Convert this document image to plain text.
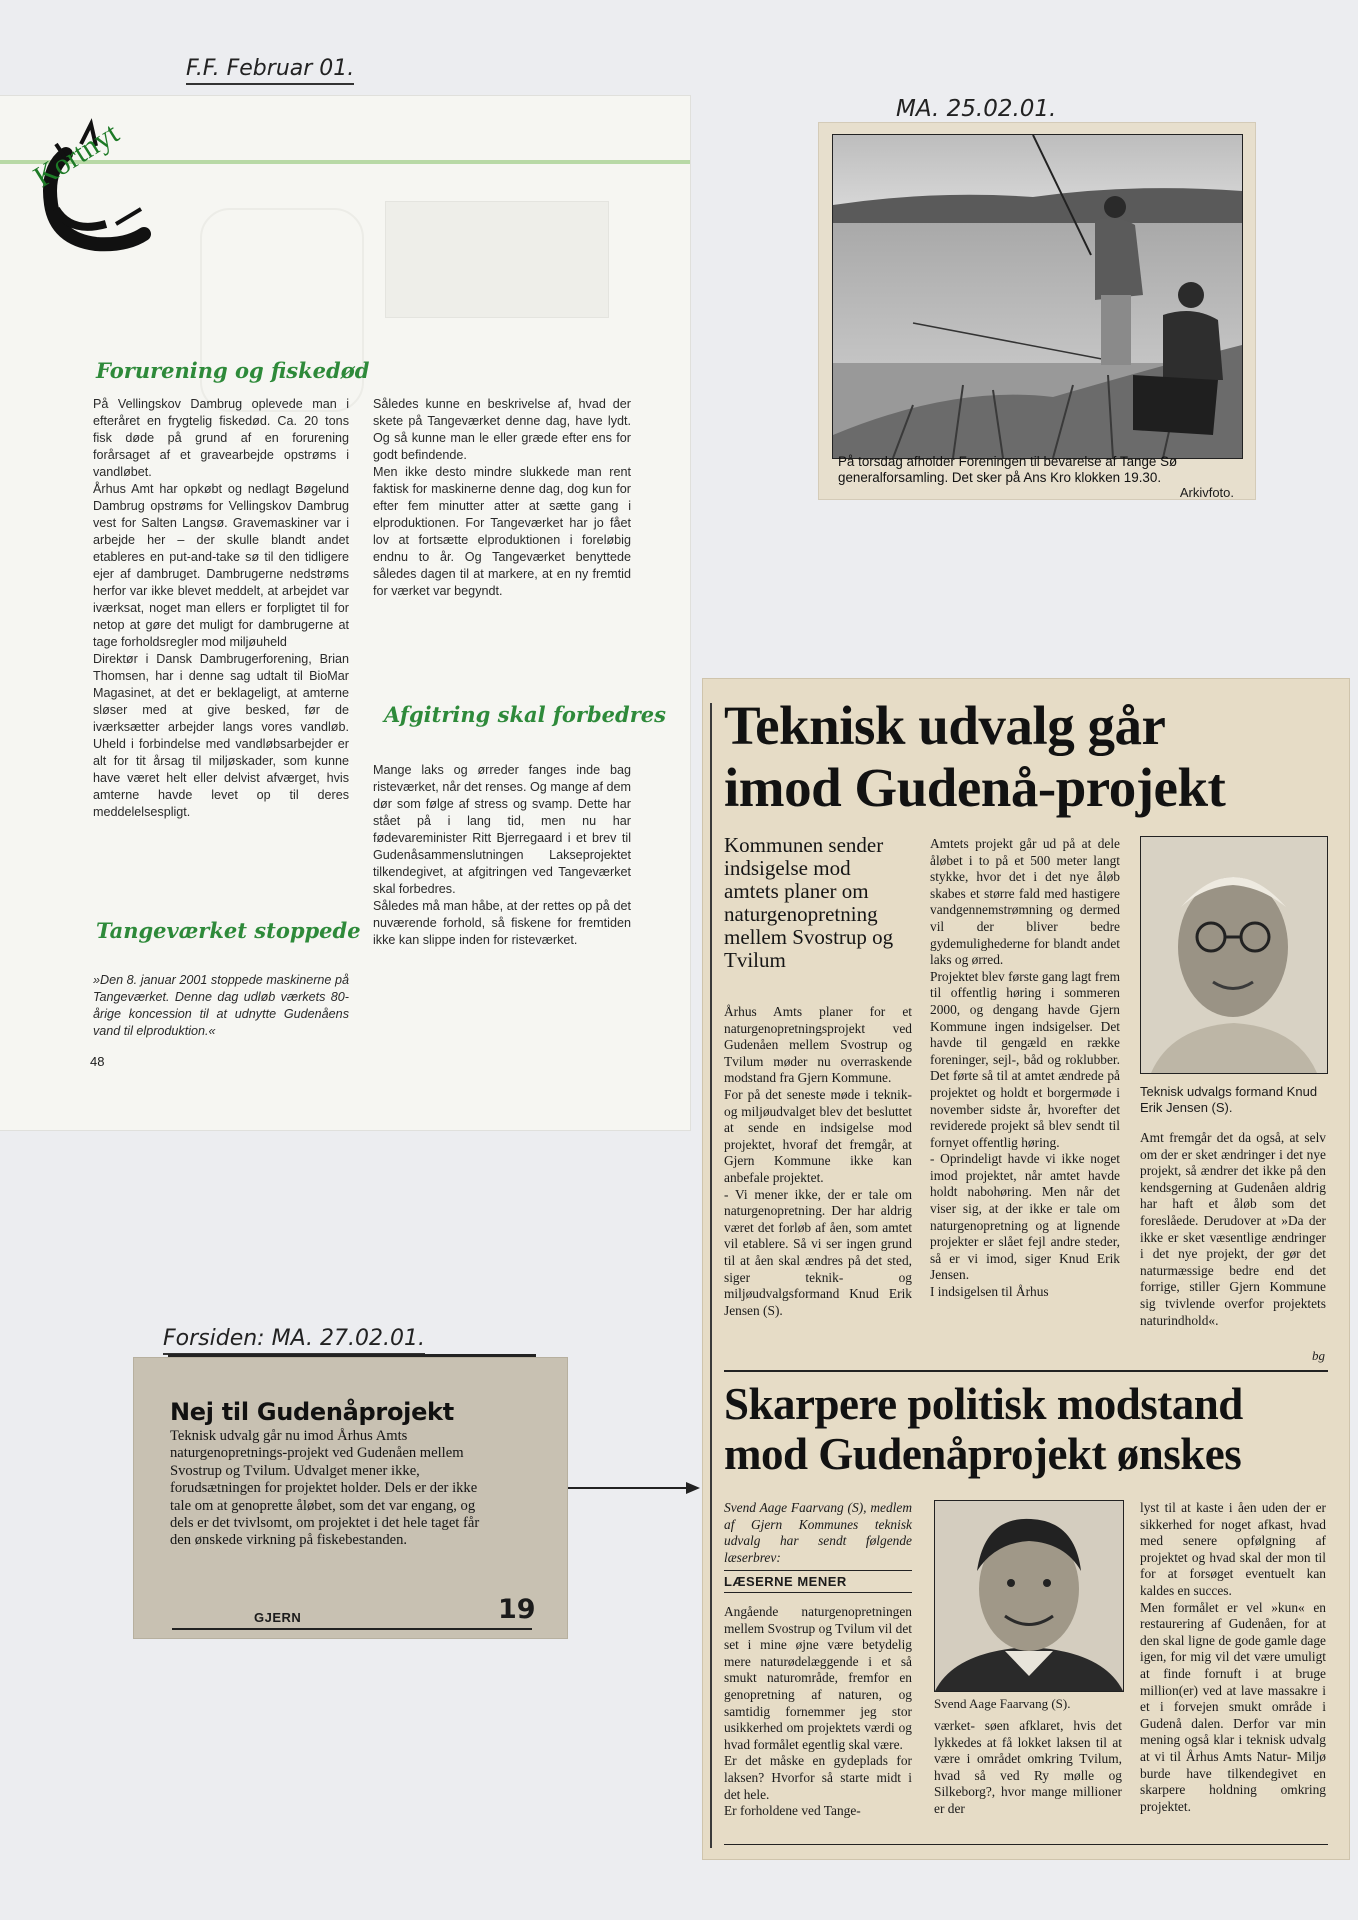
F.F. Februar 01.
MA. 25.02.01.
Forsiden: MA. 27.02.01.
Kortnyt
Forurening og fiskedød

På Vellingskov Dambrug oplevede man i efteråret en frygtelig fiskedød. Ca. 20 tons fisk døde på grund af en forurening forårsaget af et gravearbejde opstrøms i vandløbet.
Århus Amt har opkøbt og nedlagt Bøgelund Dambrug opstrøms for Vellingskov Dambrug vest for Salten Langsø. Gravemaskiner var i arbejde her – der skulle blandt andet etableres en put-and-take sø til den tidligere ejer af dambruget. Dambrugerne nedstrøms herfor var ikke blevet meddelt, at arbejdet var iværksat, noget man ellers er forpligtet til for netop at gøre det muligt for dambrugerne at tage forholdsregler mod miljøuheld
Direktør i Dansk Dambrugerforening, Brian Thomsen, har i denne sag udtalt til BioMar Magasinet, at det er beklageligt, at amterne sløser med at give besked, før de iværksætter arbejder langs vores vandløb. Uheld i forbindelse med vandløbsarbejder er alt for tit årsag til miljøskader, som kunne have været helt eller delvist afværget, hvis amterne havde levet op til deres meddelelsespligt.

Således kunne en beskrivelse af, hvad der skete på Tangeværket denne dag, have lydt. Og så kunne man le eller græde efter ens for godt befindende.
Men ikke desto mindre slukkede man rent faktisk for maskinerne denne dag, dog kun for efter fem minutter atter at sætte gang i elproduktionen. For Tangeværket har jo fået lov at fortsætte elproduktionen i foreløbig endnu to år. Og Tangeværket benyttede således dagen til at markere, at en ny fremtid for værket var begyndt.

Afgitring skal forbedres

Mange laks og ørreder fanges inde bag risteværket, når det renses. Og mange af dem dør som følge af stress og svamp. Dette har stået på i lang tid, men nu har fødevareminister Ritt Bjerregaard i et brev til Gudenåsammenslutningen Lakseprojektet tilkendegivet, at afgitringen ved Tangeværket skal forbedres.
Således må man håbe, at der rettes op på det nuværende forhold, så fiskene for fremtiden ikke kan slippe inden for risteværket.

Tangeværket stoppede

»Den 8. januar 2001 stoppede maskinerne på Tangeværket. Denne dag udløb værkets 80-årige koncession til at udnytte Gudenåens vand til elproduktion.«

48
På torsdag afholder Foreningen til bevarelse af Tange Sø generalforsamling. Det sker på Ans Kro klokken 19.30.
Arkivfoto.
Teknisk udvalg går
imod Gudenå-projekt
Kommunen sender indsigelse mod amtets planer om naturgenopretning mellem Svostrup og Tvilum
Århus Amts planer for et naturgenopretningsprojekt ved Gudenåen mellem Svostrup og Tvilum møder nu overraskende modstand fra Gjern Kommune.
For på det seneste møde i teknik- og miljøudvalget blev det besluttet at sende en indsigelse mod projektet, hvoraf det fremgår, at Gjern Kommune ikke kan anbefale projektet.
- Vi mener ikke, der er tale om naturgenopretning. Der har aldrig været det forløb af åen, som amtet vil etablere. Så vi ser ingen grund til at åen skal ændres på det sted, siger teknik- og miljøudvalgsformand Knud Erik Jensen (S).
Amtets projekt går ud på at dele åløbet i to på et 500 meter langt stykke, hvor det i det nye åløb skabes et større fald med hastigere vandgennemstrømning og dermed vil der bliver bedre gydemulighederne for blandt andet laks og ørred.
Projektet blev første gang lagt frem til offentlig høring i sommeren 2000, og dengang havde Gjern Kommune ingen indsigelser. Det havde til gengæld en række foreninger, sejl-, båd og roklubber. Det førte så til at amtet ændrede på projektet og holdt et borgermøde i november sidste år, hvorefter det reviderede projekt så blev sendt til fornyet offentlig høring.
- Oprindeligt havde vi ikke noget imod projektet, når amtet havde holdt nabohøring. Men når det viser sig, at der ikke er tale om naturgenopretning og at lignende projekter er slået fejl andre steder, så er vi imod, siger Knud Erik Jensen.
I indsigelsen til Århus
Teknisk udvalgs formand Knud Erik Jensen (S).
Amt fremgår det da også, at selv om der er sket ændringer i det nye projekt, så ændrer det ikke på den kendsgerning at Gudenåen aldrig har haft et åløb som det foreslåede. Derudover at »Da der ikke er sket væsentlige ændringer i det nye projekt, der gør det naturmæssige bedre end det forrige, stiller Gjern Kommune sig tvivlende overfor projektets naturindhold«.
bg
Skarpere politisk modstand
mod Gudenåprojekt ønskes
Svend Aage Faarvang (S), medlem af Gjern Kommunes teknisk udvalg har sendt følgende læserbrev:
LÆSERNE MENER
Angående naturgenopretningen mellem Svostrup og Tvilum vil det set i mine øjne være betydelig mere naturødelæggende i et så smukt naturområde, fremfor en genopretning af naturen, og samtidig fornemmer jeg stor usikkerhed om projektets værdi og hvad formålet egentlig skal være.
Er det måske en gydeplads for laksen? Hvorfor så starte midt i det hele.
Er forholdene ved Tange-
Svend Aage Faarvang (S).
værket- søen afklaret, hvis det lykkedes at få lokket laksen til at være i området omkring Tvilum, hvad så ved Ry mølle og Silkeborg?, hvor mange millioner er der
lyst til at kaste i åen uden der er sikkerhed for noget afkast, hvad med senere opfølgning af projektet og hvad skal der mon til for at forsøget eventuelt kan kaldes en succes.
Men formålet er vel »kun« en restaurering af Gudenåen, for at den skal ligne de gode gamle dage igen, for mig vil det være umuligt at finde fornuft i at bruge million(er) ved at lave massakre i et i forvejen smukt område i Gudenå dalen. Derfor var min mening også klar i teknisk udvalg at vi til Århus Amts Natur- Miljø burde have tilkendegivet en skarpere holdning omkring projektet.
Nej til Gudenåprojekt
Teknisk udvalg går nu imod Århus Amts naturgenopretnings-projekt ved Gudenåen mellem Svostrup og Tvilum. Udvalget mener ikke, forudsætningen for projektet holder. Dels er der ikke tale om at genoprette åløbet, som det var engang, og dels er det tvivlsomt, om projektet i det hele taget får den ønskede virkning på fiskebestanden.
GJERN	19
